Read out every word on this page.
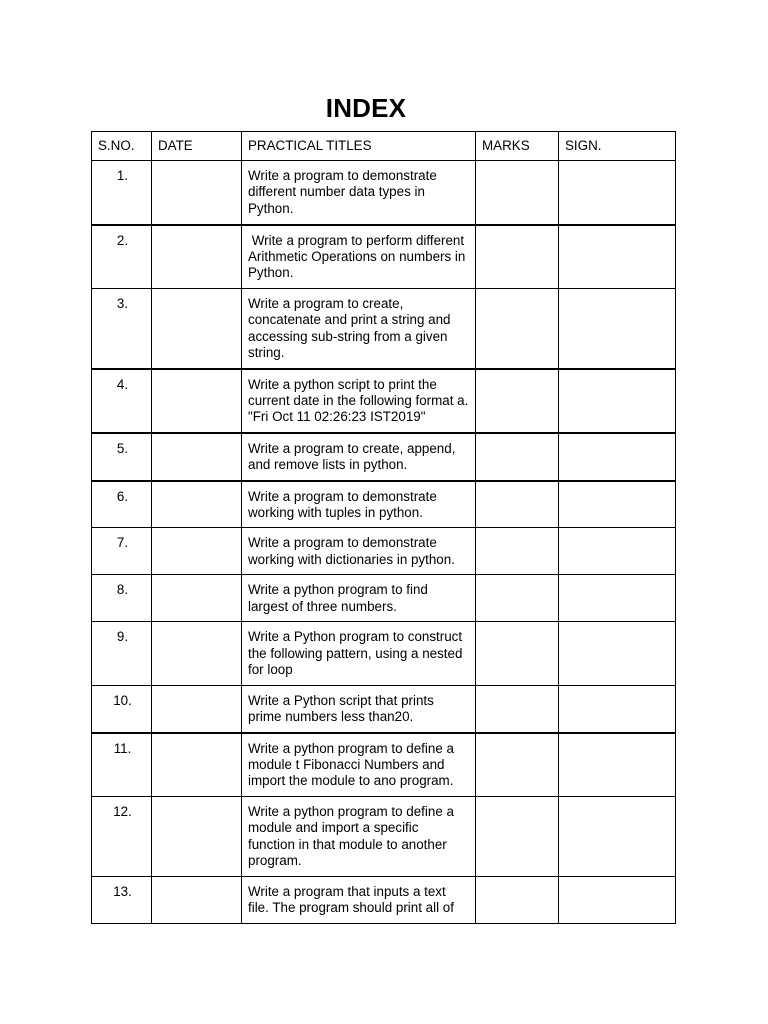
INDEX
S.NO.	DATE	PRACTICAL TITLES	MARKS	SIGN.
1.		Write a program to demonstrate different number data types in Python.		
2.		Write a program to perform different Arithmetic Operations on numbers in Python.		
3.		Write a program to create, concatenate and print a string and accessing sub-string from a given string.		
4.		Write a python script to print the current date in the following format a. "Fri Oct 11 02:26:23 IST2019"		
5.		Write a program to create, append, and remove lists in python.		
6.		Write a program to demonstrate working with tuples in python.		
7.		Write a program to demonstrate working with dictionaries in python.		
8.		Write a python program to find largest of three numbers.		
9.		Write a Python program to construct the following pattern, using a nested for loop		
10.		Write a Python script that prints prime numbers less than20.		
11.		Write a python program to define a module t Fibonacci Numbers and import the module to ano program.		
12.		Write a python program to define a module and import a specific function in that module to another program.		
13.		Write a program that inputs a text file. The program should print all of		
